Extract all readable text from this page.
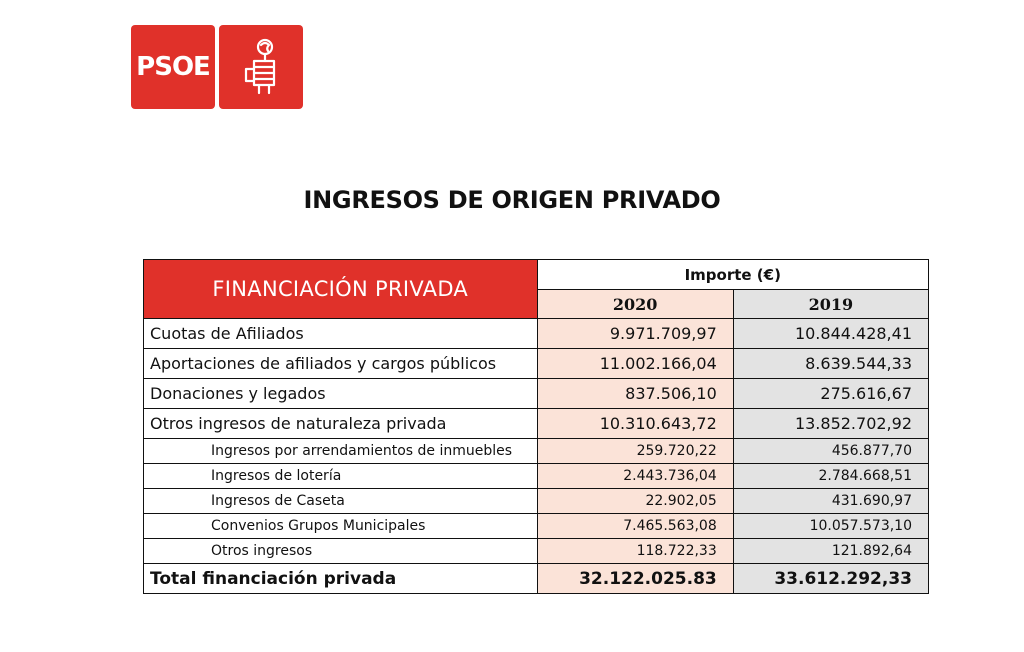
PSOE
INGRESOS DE ORIGEN PRIVADO
FINANCIACIÓN PRIVADA	Importe (€)	
	2020	2019
Cuotas de Afiliados	9.971.709,97	10.844.428,41
Aportaciones de afiliados y cargos públicos	11.002.166,04	8.639.544,33
Donaciones y legados	837.506,10	275.616,67
Otros ingresos de naturaleza privada	10.310.643,72	13.852.702,92
Ingresos por arrendamientos de inmuebles	259.720,22	456.877,70
Ingresos de lotería	2.443.736,04	2.784.668,51
Ingresos de Caseta	22.902,05	431.690,97
Convenios Grupos Municipales	7.465.563,08	10.057.573,10
Otros ingresos	118.722,33	121.892,64
Total financiación privada	32.122.025.83	33.612.292,33
